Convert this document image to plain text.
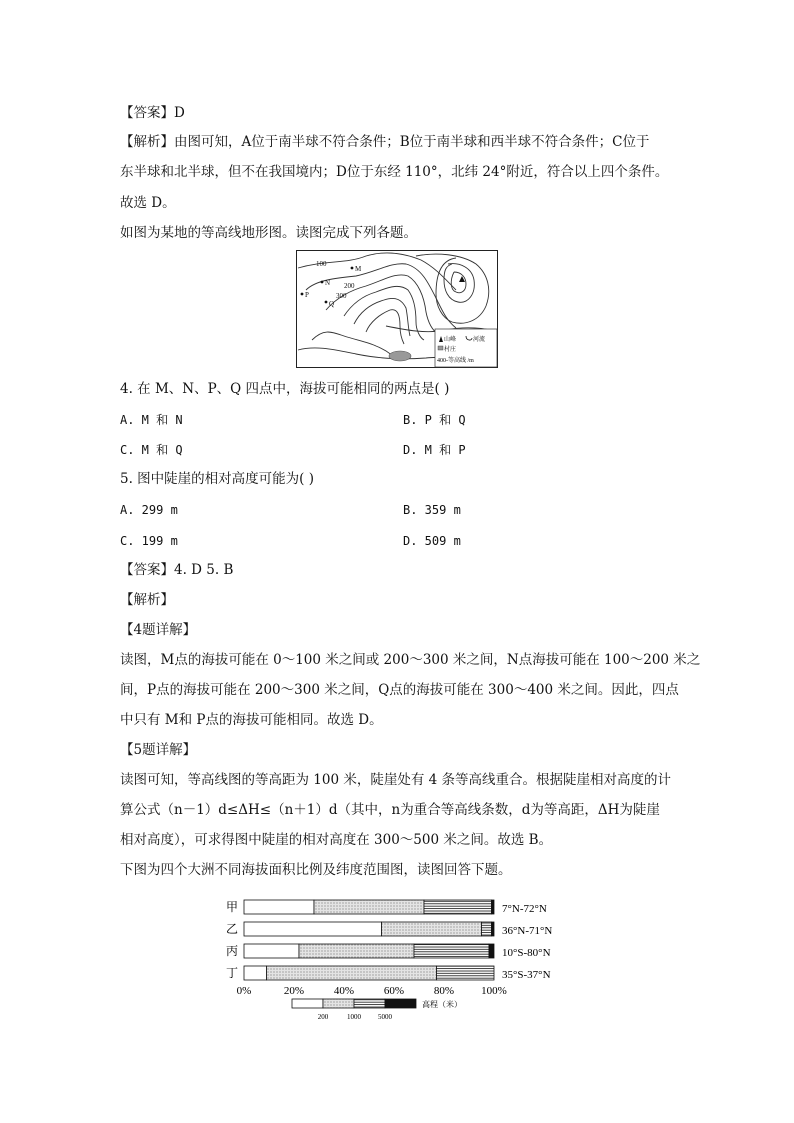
【答案】D
【解析】由图可知，A位于南半球不符合条件；B位于南半球和西半球不符合条件；C位于
东半球和北半球，但不在我国境内；D位于东经 110°，北纬 24°附近，符合以上四个条件。
故选 D。
如图为某地的等高线地形图。读图完成下列各题。
100
200
300
M
N
P
Q
山峰	河流
村庄
400-等高线 /m
4. 在 M、N、P、Q 四点中，海拔可能相同的两点是( )
A. M 和 N	B. P 和 Q
C. M 和 Q	D. M 和 P
5. 图中陡崖的相对高度可能为( )
A. 299 m	B. 359 m
C. 199 m	D. 509 m
【答案】4. D 5. B
【解析】
【4题详解】
读图，M点的海拔可能在 0～100 米之间或 200～300 米之间，N点海拔可能在 100～200 米之
间，P点的海拔可能在 200～300 米之间，Q点的海拔可能在 300～400 米之间。因此，四点
中只有 M和 P点的海拔可能相同。故选 D。
【5题详解】
读图可知，等高线图的等高距为 100 米，陡崖处有 4 条等高线重合。根据陡崖相对高度的计
算公式（n－1）d≤ΔH≤（n＋1）d（其中，n为重合等高线条数，d为等高距，ΔH为陡崖
相对高度），可求得图中陡崖的相对高度在 300～500 米之间。故选 B。
下图为四个大洲不同海拔面积比例及纬度范围图，读图回答下题。
甲	7°N-72°N
乙	36°N-71°N
丙	10°S-80°N
丁	35°S-37°N
0%	20%	40%	60%	80% 100%
高程（米）
200	1000 5000
